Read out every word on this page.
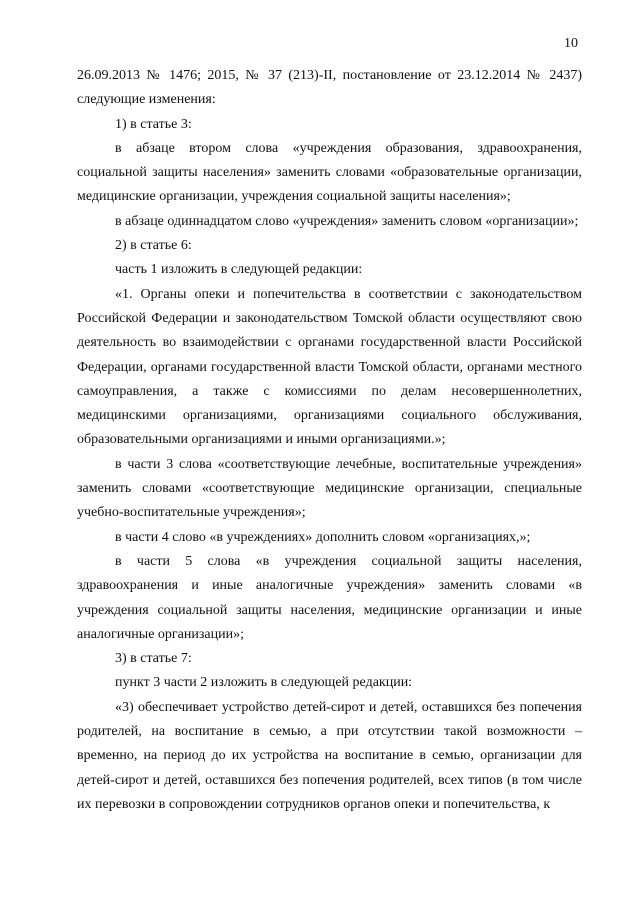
10

26.09.2013 № 1476; 2015, № 37 (213)-II, постановление от 23.12.2014 № 2437) следующие изменения:

1) в статье 3:

в абзаце втором слова «учреждения образования, здравоохранения, социальной защиты населения» заменить словами «образовательные организации, медицинские организации, учреждения социальной защиты населения»;

в абзаце одиннадцатом слово «учреждения» заменить словом «организации»;

2) в статье 6:

часть 1 изложить в следующей редакции:

«1. Органы опеки и попечительства в соответствии с законодательством Российской Федерации и законодательством Томской области осуществляют свою деятельность во взаимодействии с органами государственной власти Российской Федерации, органами государственной власти Томской области, органами местного самоуправления, а также с комиссиями по делам несовершеннолетних, медицинскими организациями, организациями социального обслуживания, образовательными организациями и иными организациями.»;

в части 3 слова «соответствующие лечебные, воспитательные учреждения» заменить словами «соответствующие медицинские организации, специальные учебно-воспитательные учреждения»;

в части 4 слово «в учреждениях» дополнить словом «организациях,»;

в части 5 слова «в учреждения социальной защиты населения, здравоохранения и иные аналогичные учреждения» заменить словами «в учреждения социальной защиты населения, медицинские организации и иные аналогичные организации»;

3) в статье 7:

пункт 3 части 2 изложить в следующей редакции:

«3) обеспечивает устройство детей-сирот и детей, оставшихся без попечения родителей, на воспитание в семью, а при отсутствии такой возможности – временно, на период до их устройства на воспитание в семью, организации для детей-сирот и детей, оставшихся без попечения родителей, всех типов (в том числе их перевозки в сопровождении сотрудников органов опеки и попечительства, к
